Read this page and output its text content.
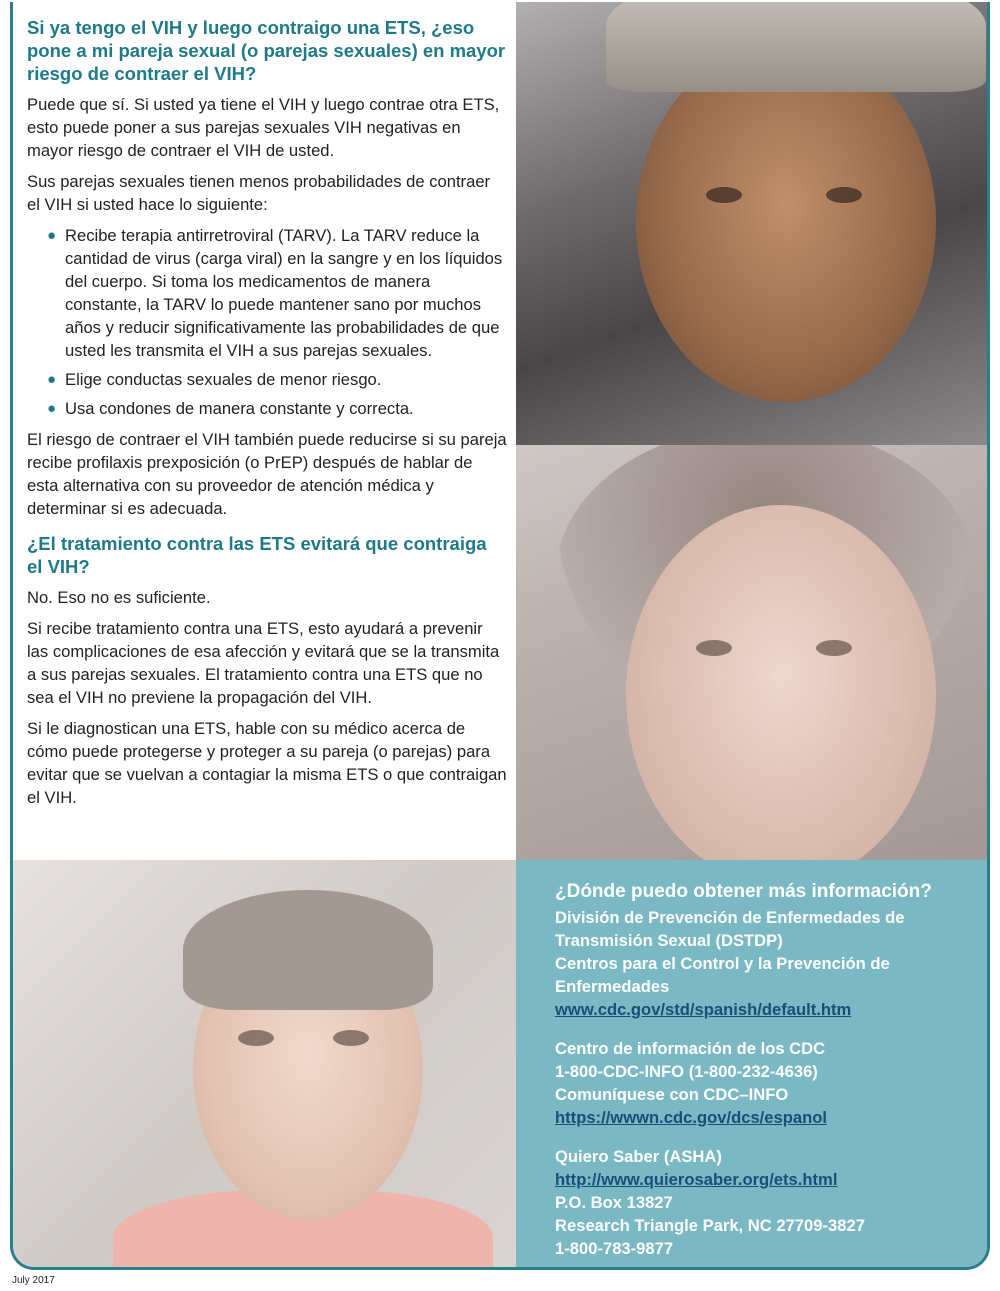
Si ya tengo el VIH y luego contraigo una ETS, ¿eso pone a mi pareja sexual (o parejas sexuales) en mayor riesgo de contraer el VIH?

Puede que sí. Si usted ya tiene el VIH y luego contrae otra ETS, esto puede poner a sus parejas sexuales VIH negativas en mayor riesgo de contraer el VIH de usted.

Sus parejas sexuales tienen menos probabilidades de contraer el VIH si usted hace lo siguiente:

● Recibe terapia antirretroviral (TARV). La TARV reduce la cantidad de virus (carga viral) en la sangre y en los líquidos del cuerpo. Si toma los medicamentos de manera constante, la TARV lo puede mantener sano por muchos años y reducir significativamente las probabilidades de que usted les transmita el VIH a sus parejas sexuales.
● Elige conductas sexuales de menor riesgo.
● Usa condones de manera constante y correcta.

El riesgo de contraer el VIH también puede reducirse si su pareja recibe profilaxis prexposición (o PrEP) después de hablar de esta alternativa con su proveedor de atención médica y determinar si es adecuada.

¿El tratamiento contra las ETS evitará que contraiga el VIH?

No. Eso no es suficiente.

Si recibe tratamiento contra una ETS, esto ayudará a prevenir las complicaciones de esa afección y evitará que se la transmita a sus parejas sexuales. El tratamiento contra una ETS que no sea el VIH no previene la propagación del VIH.

Si le diagnostican una ETS, hable con su médico acerca de cómo puede protegerse y proteger a su pareja (o parejas) para evitar que se vuelvan a contagiar la misma ETS o que contraigan el VIH.

¿Dónde puedo obtener más información?
División de Prevención de Enfermedades de Transmisión Sexual (DSTDP)
Centros para el Control y la Prevención de Enfermedades
www.cdc.gov/std/spanish/default.htm
Centro de información de los CDC
1-800-CDC-INFO (1-800-232-4636)
Comuníquese con CDC–INFO
https://wwwn.cdc.gov/dcs/espanol
Quiero Saber (ASHA)
http://www.quierosaber.org/ets.html
P.O. Box 13827
Research Triangle Park, NC 27709-3827
1-800-783-9877
July 2017
